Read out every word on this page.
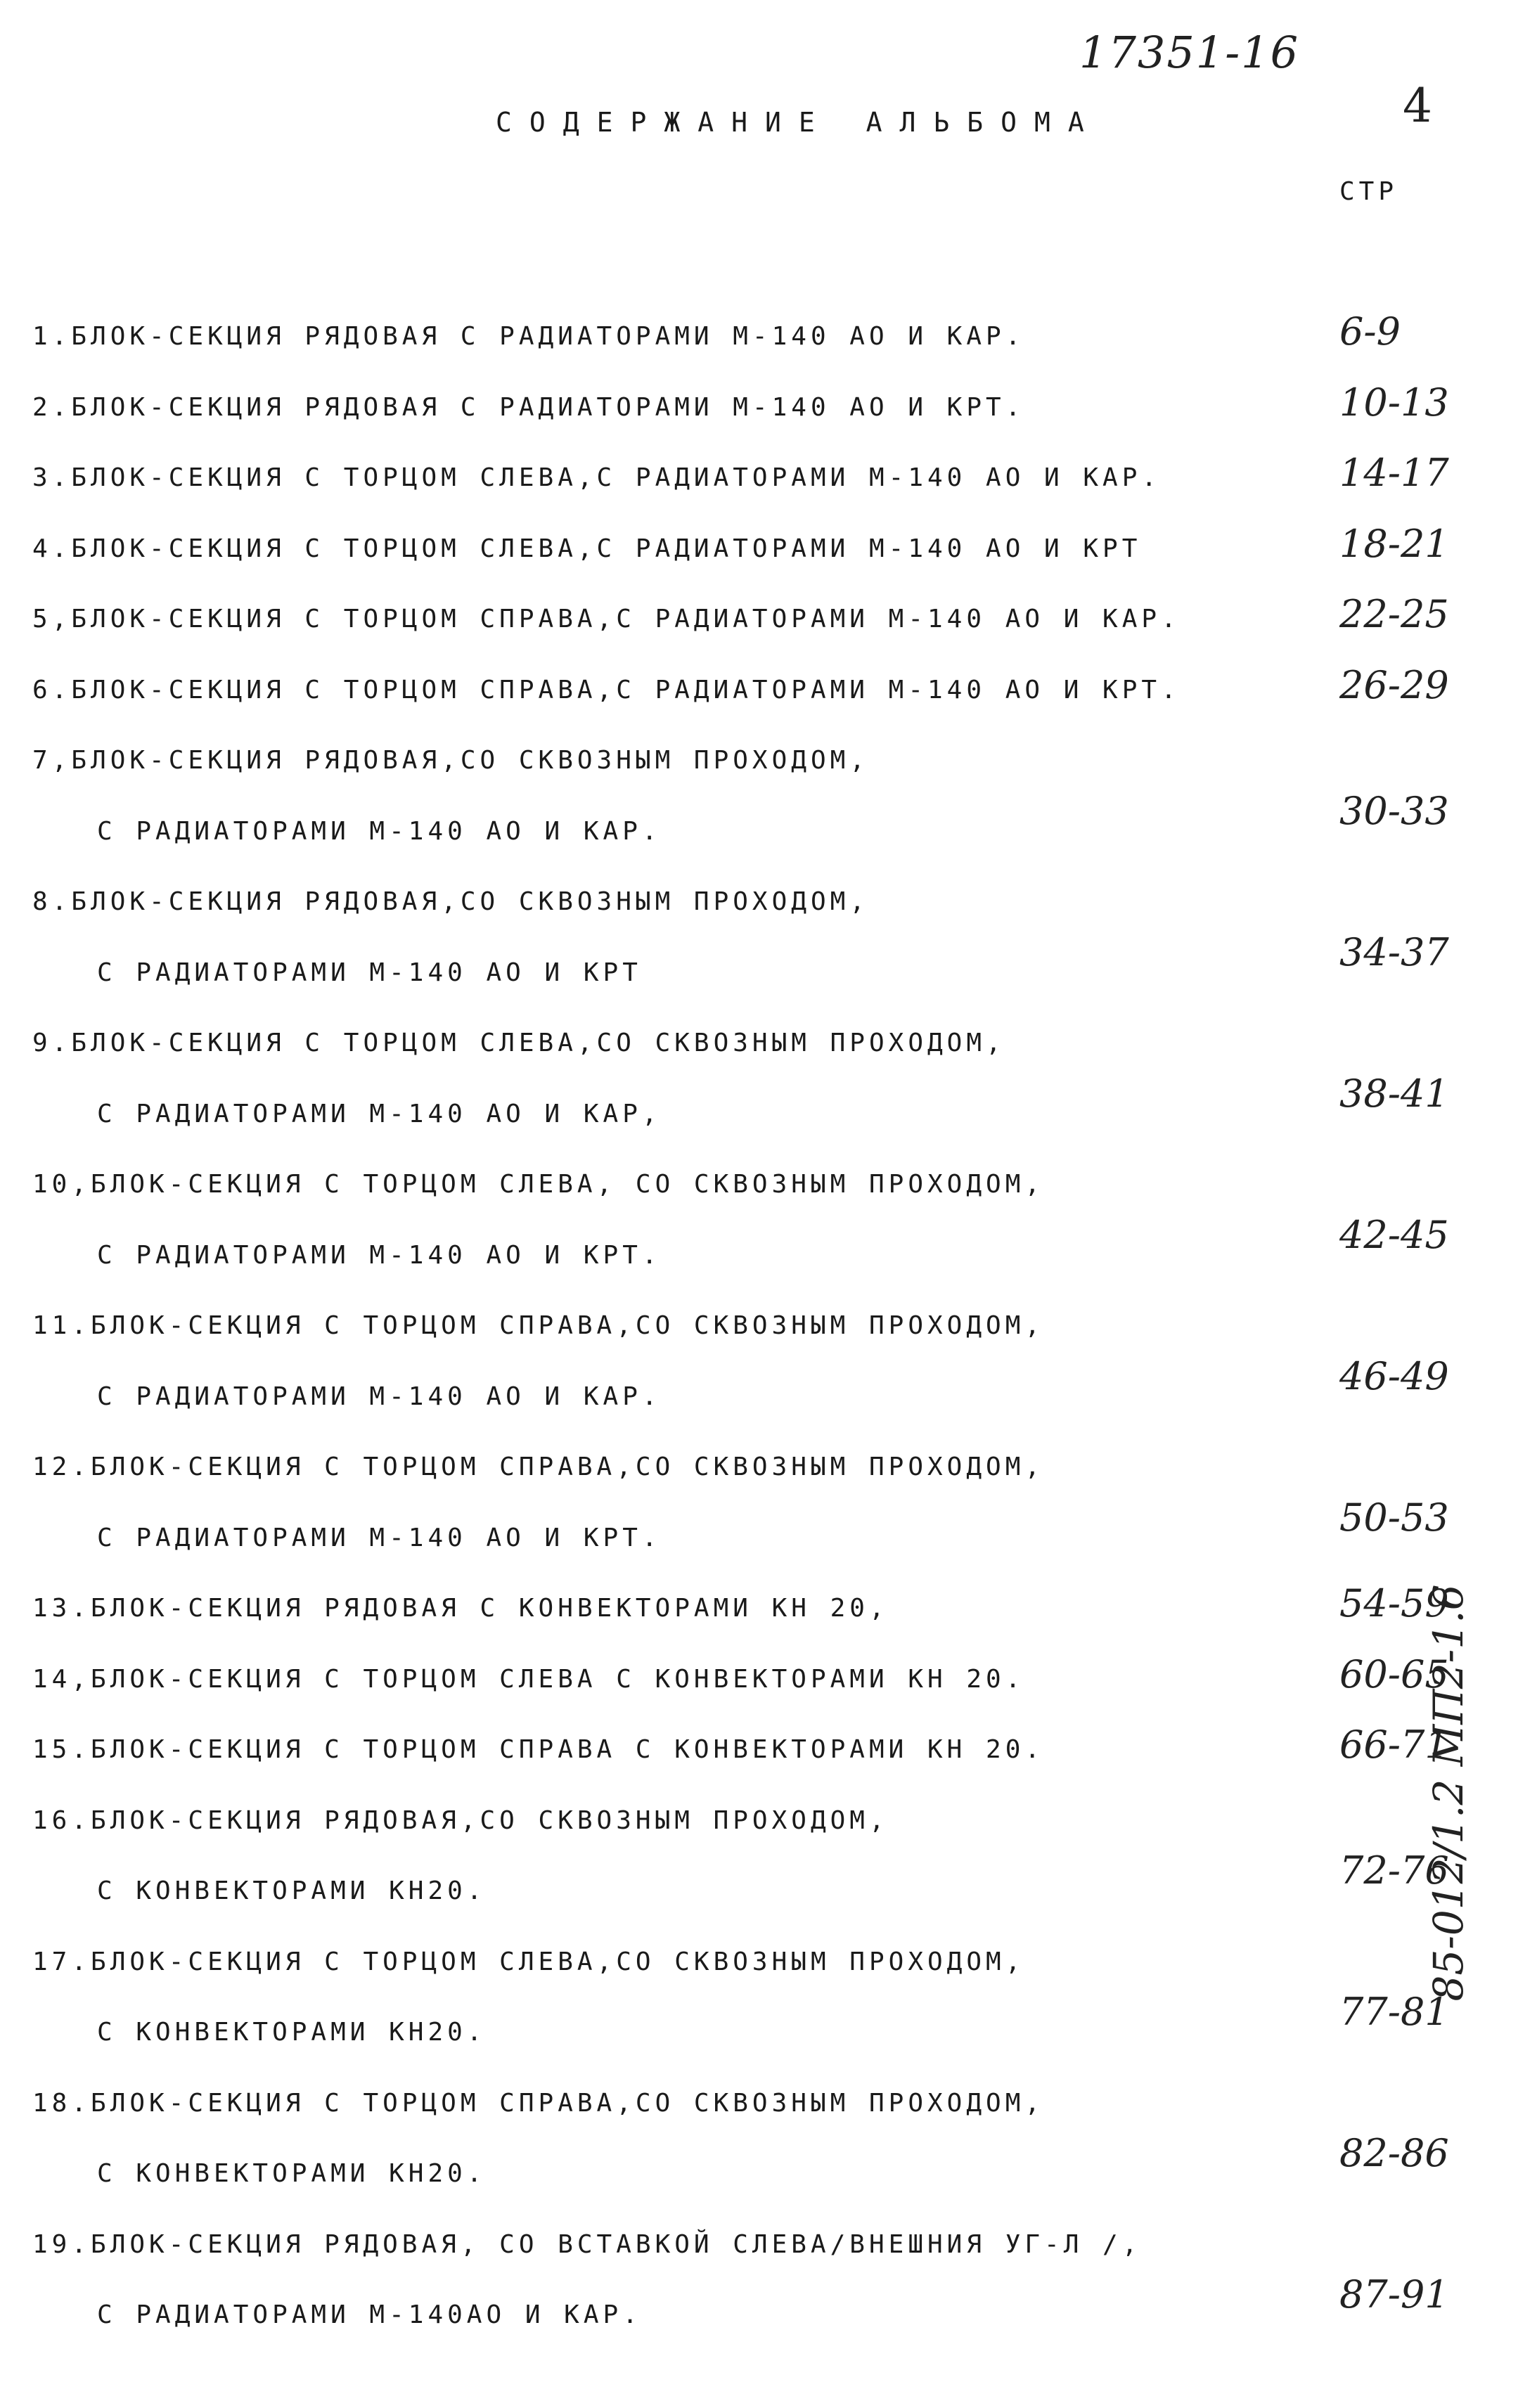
17351-16
4
СОДЕРЖАНИЕ АЛЬБОМА
СТР
85-012/1.2 МП2-1.6
1.БЛОК-СЕКЦИЯ РЯДОВАЯ С РАДИАТОРАМИ М-140 АО И КАР.	6-9
2.БЛОК-СЕКЦИЯ РЯДОВАЯ С РАДИАТОРАМИ М-140 АО И КРТ.	10-13
3.БЛОК-СЕКЦИЯ С ТОРЦОМ СЛЕВА,С РАДИАТОРАМИ М-140 АО И КАР.	14-17
4.БЛОК-СЕКЦИЯ С ТОРЦОМ СЛЕВА,С РАДИАТОРАМИ М-140 АО И КРТ	18-21
5,БЛОК-СЕКЦИЯ С ТОРЦОМ СПРАВА,С РАДИАТОРАМИ М-140 АО И КАР.	22-25
6.БЛОК-СЕКЦИЯ С ТОРЦОМ СПРАВА,С РАДИАТОРАМИ М-140 АО И КРТ.	26-29
7,БЛОК-СЕКЦИЯ РЯДОВАЯ,СО СКВОЗНЫМ ПРОХОДОМ,
С РАДИАТОРАМИ М-140 АО И КАР.	30-33
8.БЛОК-СЕКЦИЯ РЯДОВАЯ,СО СКВОЗНЫМ ПРОХОДОМ,
С РАДИАТОРАМИ М-140 АО И КРТ	34-37
9.БЛОК-СЕКЦИЯ С ТОРЦОМ СЛЕВА,СО СКВОЗНЫМ ПРОХОДОМ,
С РАДИАТОРАМИ М-140 АО И КАР,	38-41
10,БЛОК-СЕКЦИЯ С ТОРЦОМ СЛЕВА, СО СКВОЗНЫМ ПРОХОДОМ,
С РАДИАТОРАМИ М-140 АО И КРТ.	42-45
11.БЛОК-СЕКЦИЯ С ТОРЦОМ СПРАВА,СО СКВОЗНЫМ ПРОХОДОМ,
С РАДИАТОРАМИ М-140 АО И КАР.	46-49
12.БЛОК-СЕКЦИЯ С ТОРЦОМ СПРАВА,СО СКВОЗНЫМ ПРОХОДОМ,
С РАДИАТОРАМИ М-140 АО И КРТ.	50-53
13.БЛОК-СЕКЦИЯ РЯДОВАЯ С КОНВЕКТОРАМИ КН 20,	54-59
14,БЛОК-СЕКЦИЯ С ТОРЦОМ СЛЕВА С КОНВЕКТОРАМИ КН 20.	60-65
15.БЛОК-СЕКЦИЯ С ТОРЦОМ СПРАВА С КОНВЕКТОРАМИ КН 20.	66-71
16.БЛОК-СЕКЦИЯ РЯДОВАЯ,СО СКВОЗНЫМ ПРОХОДОМ,
С КОНВЕКТОРАМИ КН20.	72-76
17.БЛОК-СЕКЦИЯ С ТОРЦОМ СЛЕВА,СО СКВОЗНЫМ ПРОХОДОМ,
С КОНВЕКТОРАМИ КН20.	77-81
18.БЛОК-СЕКЦИЯ С ТОРЦОМ СПРАВА,СО СКВОЗНЫМ ПРОХОДОМ,
С КОНВЕКТОРАМИ КН20.	82-86
19.БЛОК-СЕКЦИЯ РЯДОВАЯ, СО ВСТАВКОЙ СЛЕВА/ВНЕШНИЯ УГ-Л /,
С РАДИАТОРАМИ М-140АО И КАР.	87-91
